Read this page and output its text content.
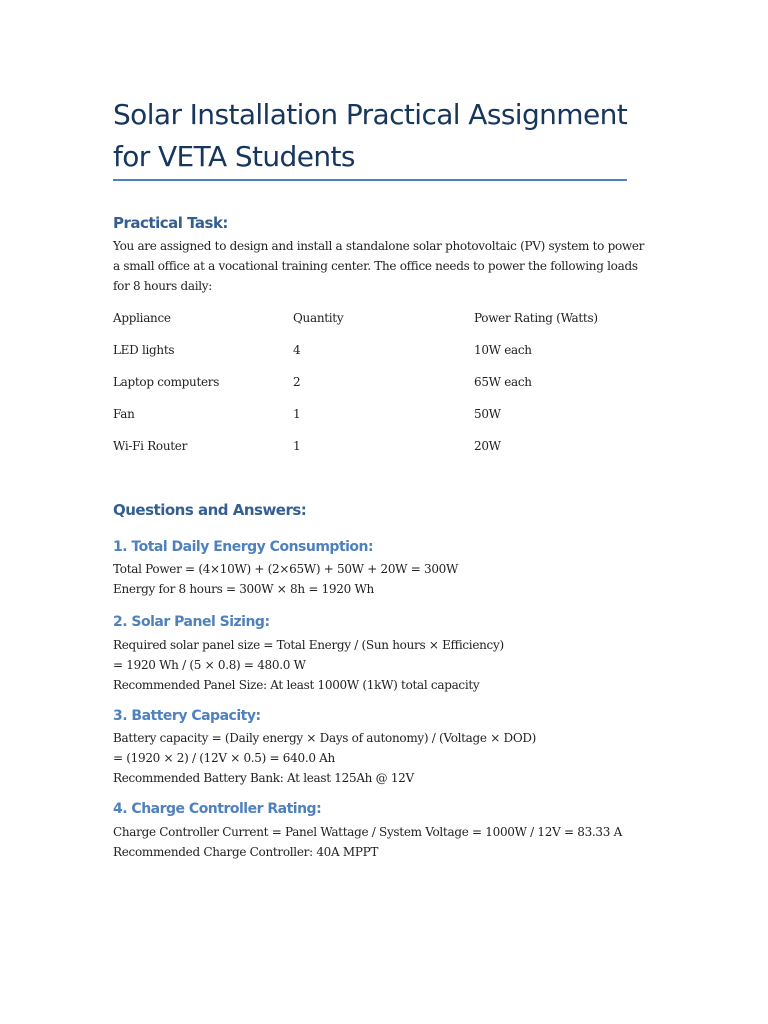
Solar Installation Practical Assignment
for VETA Students
Practical Task:

You are assigned to design and install a standalone solar photovoltaic (PV) system to power
a small office at a vocational training center. The office needs to power the following loads
for 8 hours daily:

Appliance	Quantity	Power Rating (Watts)
LED lights	4	10W each
Laptop computers	2	65W each
Fan	1	50W
Wi-Fi Router	1	20W
Questions and Answers:
1. Total Daily Energy Consumption:

Total Power = (4×10W) + (2×65W) + 50W + 20W = 300W
Energy for 8 hours = 300W × 8h = 1920 Wh

2. Solar Panel Sizing:

Required solar panel size = Total Energy / (Sun hours × Efficiency)
= 1920 Wh / (5 × 0.8) = 480.0 W
Recommended Panel Size: At least 1000W (1kW) total capacity

3. Battery Capacity:

Battery capacity = (Daily energy × Days of autonomy) / (Voltage × DOD)
= (1920 × 2) / (12V × 0.5) = 640.0 Ah
Recommended Battery Bank: At least 125Ah @ 12V

4. Charge Controller Rating:

Charge Controller Current = Panel Wattage / System Voltage = 1000W / 12V = 83.33 A
Recommended Charge Controller: 40A MPPT
